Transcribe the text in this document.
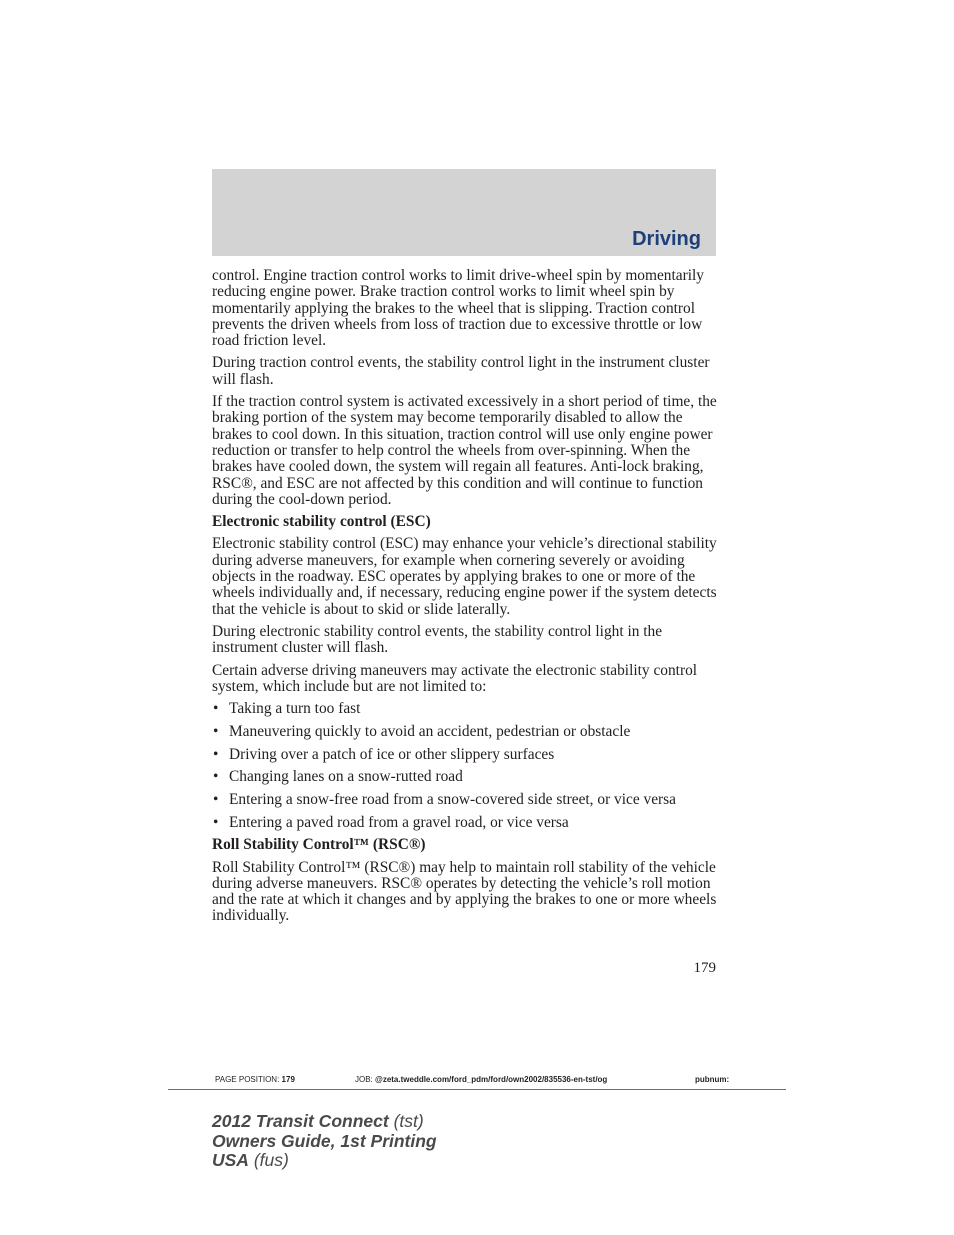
Driving

control. Engine traction control works to limit drive-wheel spin by momentarily reducing engine power. Brake traction control works to limit wheel spin by momentarily applying the brakes to the wheel that is slipping. Traction control prevents the driven wheels from loss of traction due to excessive throttle or low road friction level.

During traction control events, the stability control light in the instrument cluster will flash.

If the traction control system is activated excessively in a short period of time, the braking portion of the system may become temporarily disabled to allow the brakes to cool down. In this situation, traction control will use only engine power reduction or transfer to help control the wheels from over-spinning. When the brakes have cooled down, the system will regain all features. Anti-lock braking, RSC®, and ESC are not affected by this condition and will continue to function during the cool-down period.

Electronic stability control (ESC)

Electronic stability control (ESC) may enhance your vehicle’s directional stability during adverse maneuvers, for example when cornering severely or avoiding objects in the roadway. ESC operates by applying brakes to one or more of the wheels individually and, if necessary, reducing engine power if the system detects that the vehicle is about to skid or slide laterally.

During electronic stability control events, the stability control light in the instrument cluster will flash.

Certain adverse driving maneuvers may activate the electronic stability control system, which include but are not limited to:

• Taking a turn too fast
• Maneuvering quickly to avoid an accident, pedestrian or obstacle
• Driving over a patch of ice or other slippery surfaces
• Changing lanes on a snow-rutted road
• Entering a snow-free road from a snow-covered side street, or vice versa
• Entering a paved road from a gravel road, or vice versa
Roll Stability Control™ (RSC®)

Roll Stability Control™ (RSC®) may help to maintain roll stability of the vehicle during adverse maneuvers. RSC® operates by detecting the vehicle’s roll motion and the rate at which it changes and by applying the brakes to one or more wheels individually.

179
PAGE POSITION: 179	JOB: @zeta.tweddle.com/ford_pdm/ford/own2002/835536-en-tst/og	pubnum:
2012 Transit Connect (tst)
Owners Guide, 1st Printing
USA (fus)
